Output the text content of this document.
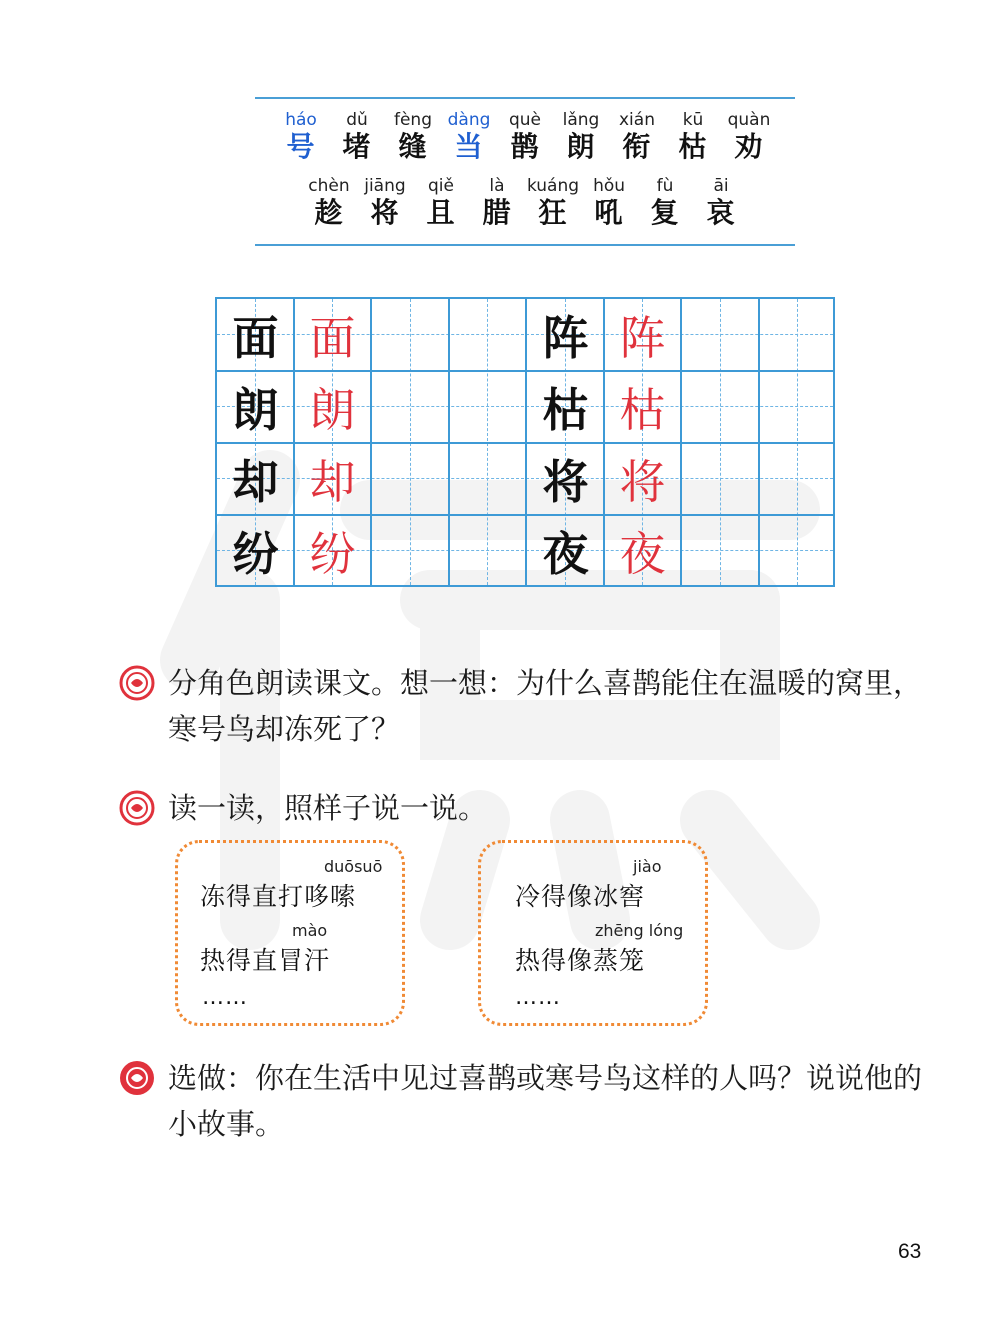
háo
号
dǔ
堵
fèng
缝
dàng
当
què
鹊
lǎng
朗
xián
衔
kū
枯
quàn
劝
chèn
趁
jiāng
将
qiě
且
là
腊
kuáng
狂
hǒu
吼
fù
复
āi
哀
面 面
朗 朗
却 却
纷 纷
阵 阵
枯 枯
将 将
夜 夜
分角色朗读课文。想一想：为什么喜鹊能住在温暖的窝里，寒号鸟却冻死了？
读一读，照样子说一说。
duōsuō
冻得直打哆嗦
mào
热得直冒汗
……
jiào
冷得像冰窖
zhēng lóng
热得像蒸笼
……
选做：你在生活中见过喜鹊或寒号鸟这样的人吗？说说他的小故事。
63
